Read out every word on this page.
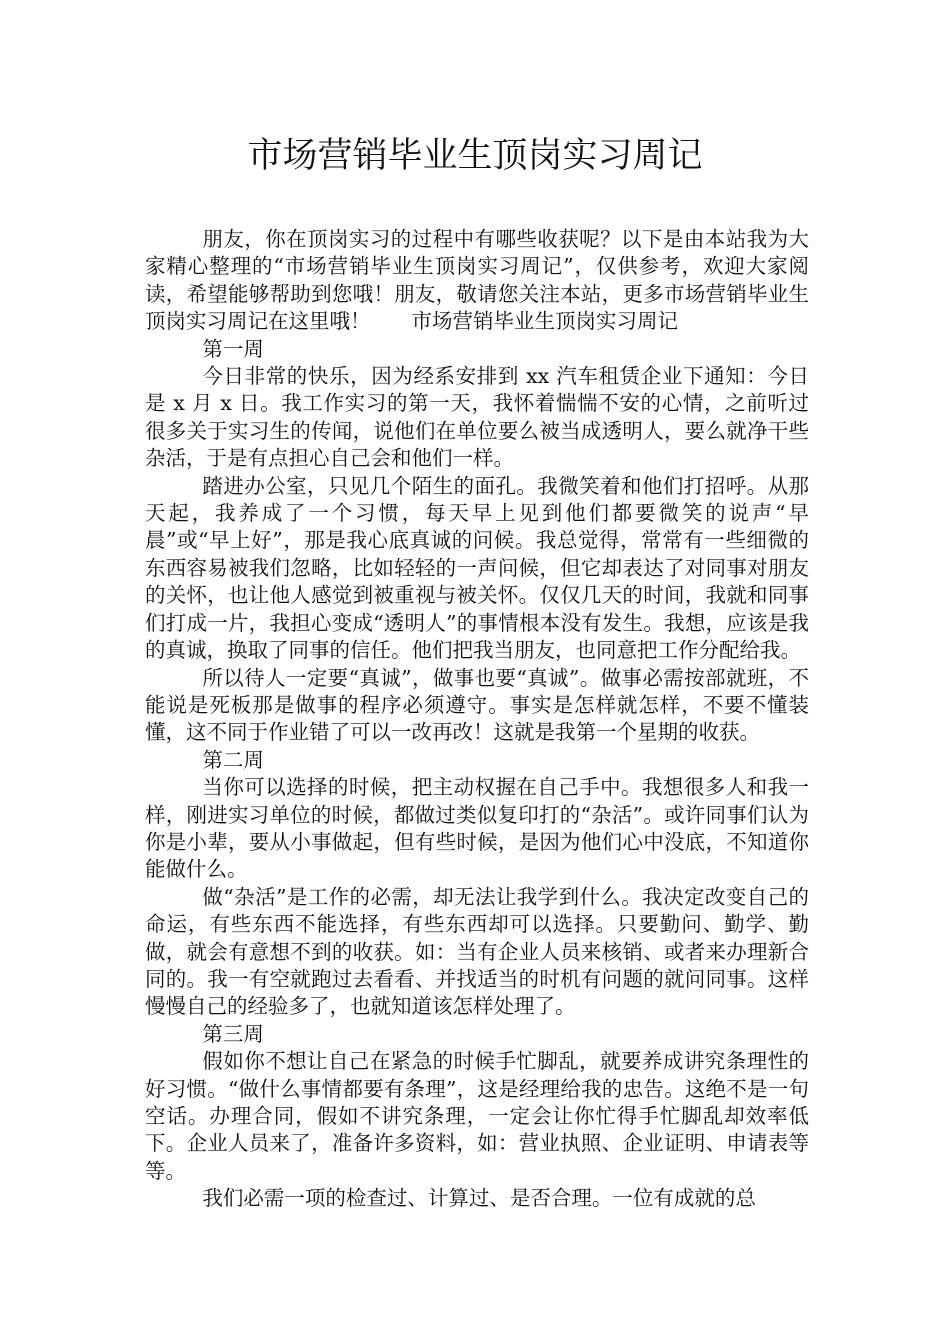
市场营销毕业生顶岗实习周记

朋友，你在顶岗实习的过程中有哪些收获呢？以下是由本站我为大家精心整理的“市场营销毕业生顶岗实习周记”，仅供参考，欢迎大家阅读，希望能够帮助到您哦！朋友，敬请您关注本站，更多市场营销毕业生顶岗实习周记在这里哦！　　市场营销毕业生顶岗实习周记

第一周

今日非常的快乐，因为经系安排到 xx 汽车租赁企业下通知：今日是 x 月 x 日。我工作实习的第一天，我怀着惴惴不安的心情，之前听过很多关于实习生的传闻，说他们在单位要么被当成透明人，要么就净干些杂活，于是有点担心自己会和他们一样。

踏进办公室，只见几个陌生的面孔。我微笑着和他们打招呼。从那天起，我养成了一个习惯，每天早上见到他们都要微笑的说声“早晨”或“早上好”，那是我心底真诚的问候。我总觉得，常常有一些细微的东西容易被我们忽略，比如轻轻的一声问候，但它却表达了对同事对朋友的关怀，也让他人感觉到被重视与被关怀。仅仅几天的时间，我就和同事们打成一片，我担心变成“透明人”的事情根本没有发生。我想，应该是我的真诚，换取了同事的信任。他们把我当朋友，也同意把工作分配给我。

所以待人一定要“真诚”，做事也要“真诚”。做事必需按部就班，不能说是死板那是做事的程序必须遵守。事实是怎样就怎样，不要不懂装懂，这不同于作业错了可以一改再改！这就是我第一个星期的收获。

第二周

当你可以选择的时候，把主动权握在自己手中。我想很多人和我一样，刚进实习单位的时候，都做过类似复印打的“杂活”。或许同事们认为你是小辈，要从小事做起，但有些时候，是因为他们心中没底，不知道你能做什么。

做“杂活”是工作的必需，却无法让我学到什么。我决定改变自己的命运，有些东西不能选择，有些东西却可以选择。只要勤问、勤学、勤做，就会有意想不到的收获。如：当有企业人员来核销、或者来办理新合同的。我一有空就跑过去看看、并找适当的时机有问题的就问同事。这样慢慢自己的经验多了，也就知道该怎样处理了。

第三周

假如你不想让自己在紧急的时候手忙脚乱，就要养成讲究条理性的好习惯。“做什么事情都要有条理”，这是经理给我的忠告。这绝不是一句空话。办理合同，假如不讲究条理，一定会让你忙得手忙脚乱却效率低下。企业人员来了，准备许多资料，如：营业执照、企业证明、申请表等等。

我们必需一项的检查过、计算过、是否合理。一位有成就的总
